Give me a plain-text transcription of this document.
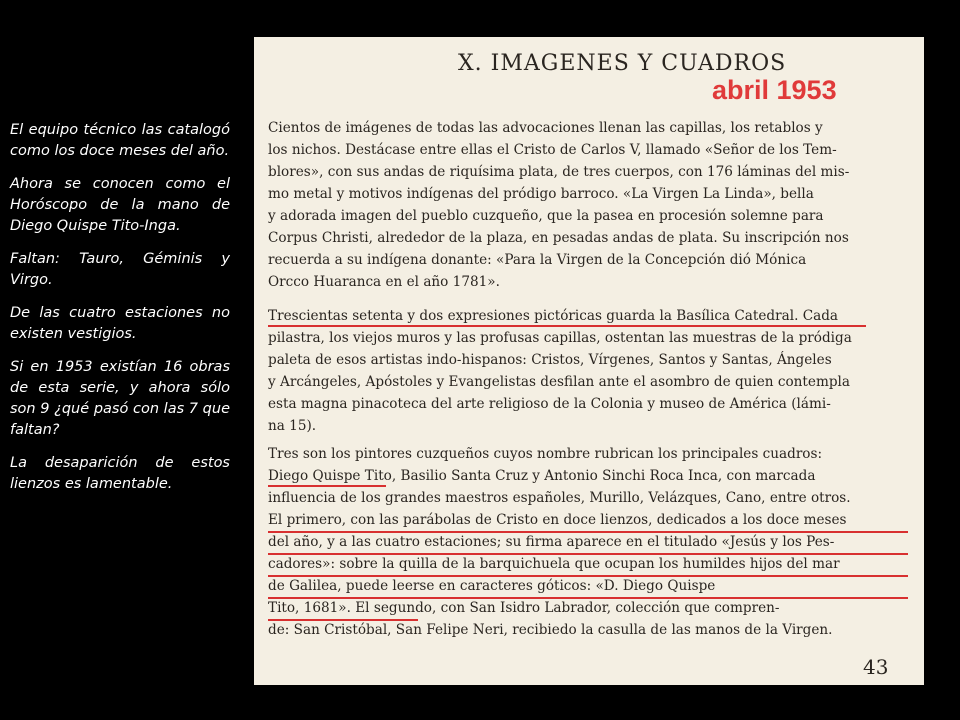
El equipo técnico las catalogó como los doce meses del año.

Ahora se conocen como el Horóscopo de la mano de Diego Quispe Tito-Inga.

Faltan: Tauro, Géminis y Virgo.

De las cuatro estaciones no existen vestigios.

Si en 1953 existían 16 obras de esta serie, y ahora sólo son 9 ¿qué pasó con las 7 que faltan?

La desaparición de estos lienzos es lamentable.

X. IMAGENES Y CUADROS
abril 1953
Cientos de imágenes de todas las advocaciones llenan las capillas, los retablos y
los nichos. Destácase entre ellas el Cristo de Carlos V, llamado «Señor de los Tem-
blores», con sus andas de riquísima plata, de tres cuerpos, con 176 láminas del mis-
mo metal y motivos indígenas del pródigo barroco. «La Virgen La Linda», bella
y adorada imagen del pueblo cuzqueño, que la pasea en procesión solemne para
Corpus Christi, alrededor de la plaza, en pesadas andas de plata. Su inscripción nos
recuerda a su indígena donante: «Para la Virgen de la Concepción dió Mónica
Orcco Huaranca en el año 1781».
Trescientas setenta y dos expresiones pictóricas guarda la Basílica Catedral. Cada
pilastra, los viejos muros y las profusas capillas, ostentan las muestras de la pródiga
paleta de esos artistas indo-hispanos: Cristos, Vírgenes, Santos y Santas, Ángeles
y Arcángeles, Apóstoles y Evangelistas desfilan ante el asombro de quien contempla
esta magna pinacoteca del arte religioso de la Colonia y museo de América (lámi-
na 15).
Tres son los pintores cuzqueños cuyos nombre rubrican los principales cuadros:
Diego Quispe Tito, Basilio Santa Cruz y Antonio Sinchi Roca Inca, con marcada
influencia de los grandes maestros españoles, Murillo, Velázques, Cano, entre otros.
El primero, con las parábolas de Cristo en doce lienzos, dedicados a los doce meses
del año, y a las cuatro estaciones; su firma aparece en el titulado «Jesús y los Pes-
cadores»: sobre la quilla de la barquichuela que ocupan los humildes hijos del mar
de Galilea, puede leerse en caracteres góticos: «D. Diego Quispe
Tito, 1681». El segundo, con San Isidro Labrador, colección que compren-
de: San Cristóbal, San Felipe Neri, recibiedo la casulla de las manos de la Virgen.
43
